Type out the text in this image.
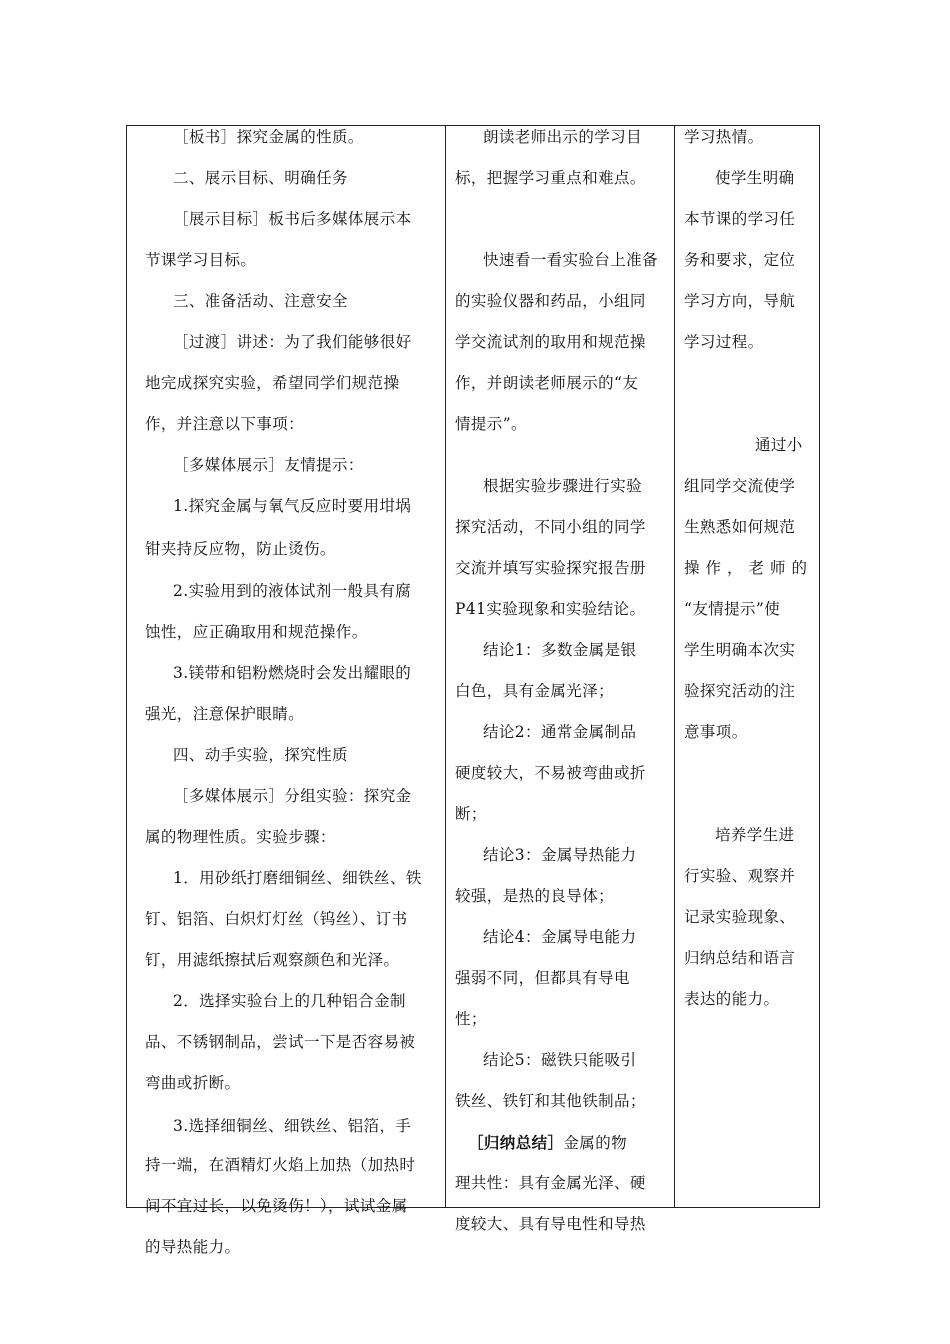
［板书］探究金属的性质。
二、展示目标、明确任务
［展示目标］板书后多媒体展示本
节课学习目标。
三、准备活动、注意安全
［过渡］讲述：为了我们能够很好
地完成探究实验，希望同学们规范操
作，并注意以下事项：
［多媒体展示］友情提示：
1.探究金属与氧气反应时要用坩埚
钳夹持反应物，防止烫伤。
2.实验用到的液体试剂一般具有腐
蚀性，应正确取用和规范操作。
3.镁带和铝粉燃烧时会发出耀眼的
强光，注意保护眼睛。
四、动手实验，探究性质
［多媒体展示］分组实验：探究金
属的物理性质。实验步骤：
1．用砂纸打磨细铜丝、细铁丝、铁
钉、铝箔、白炽灯灯丝（钨丝）、订书
钉，用滤纸擦拭后观察颜色和光泽。
2．选择实验台上的几种铝合金制
品、不锈钢制品，尝试一下是否容易被
弯曲或折断。
3.选择细铜丝、细铁丝、铝箔，手
持一端，在酒精灯火焰上加热（加热时
间不宜过长，以免烫伤！），试试金属
的导热能力。

朗读老师出示的学习目
标，把握学习重点和难点。
快速看一看实验台上准备
的实验仪器和药品，小组同
学交流试剂的取用和规范操
作，并朗读老师展示的“友
情提示”。
根据实验步骤进行实验
探究活动，不同小组的同学
交流并填写实验探究报告册
P41实验现象和实验结论。
结论1：多数金属是银
白色，具有金属光泽；
结论2：通常金属制品
硬度较大，不易被弯曲或折
断；
结论3：金属导热能力
较强，是热的良导体；
结论4：金属导电能力
强弱不同，但都具有导电
性；
结论5：磁铁只能吸引
铁丝、铁钉和其他铁制品；
［归纳总结］金属的物
理共性：具有金属光泽、硬
度较大、具有导电性和导热

学习热情。
使学生明确
本节课的学习任
务和要求，定位
学习方向，导航
学习过程。
通过小
组同学交流使学
生熟悉如何规范
操作，老师的
“友情提示”使
学生明确本次实
验探究活动的注
意事项。
培养学生进
行实验、观察并
记录实验现象、
归纳总结和语言
表达的能力。
